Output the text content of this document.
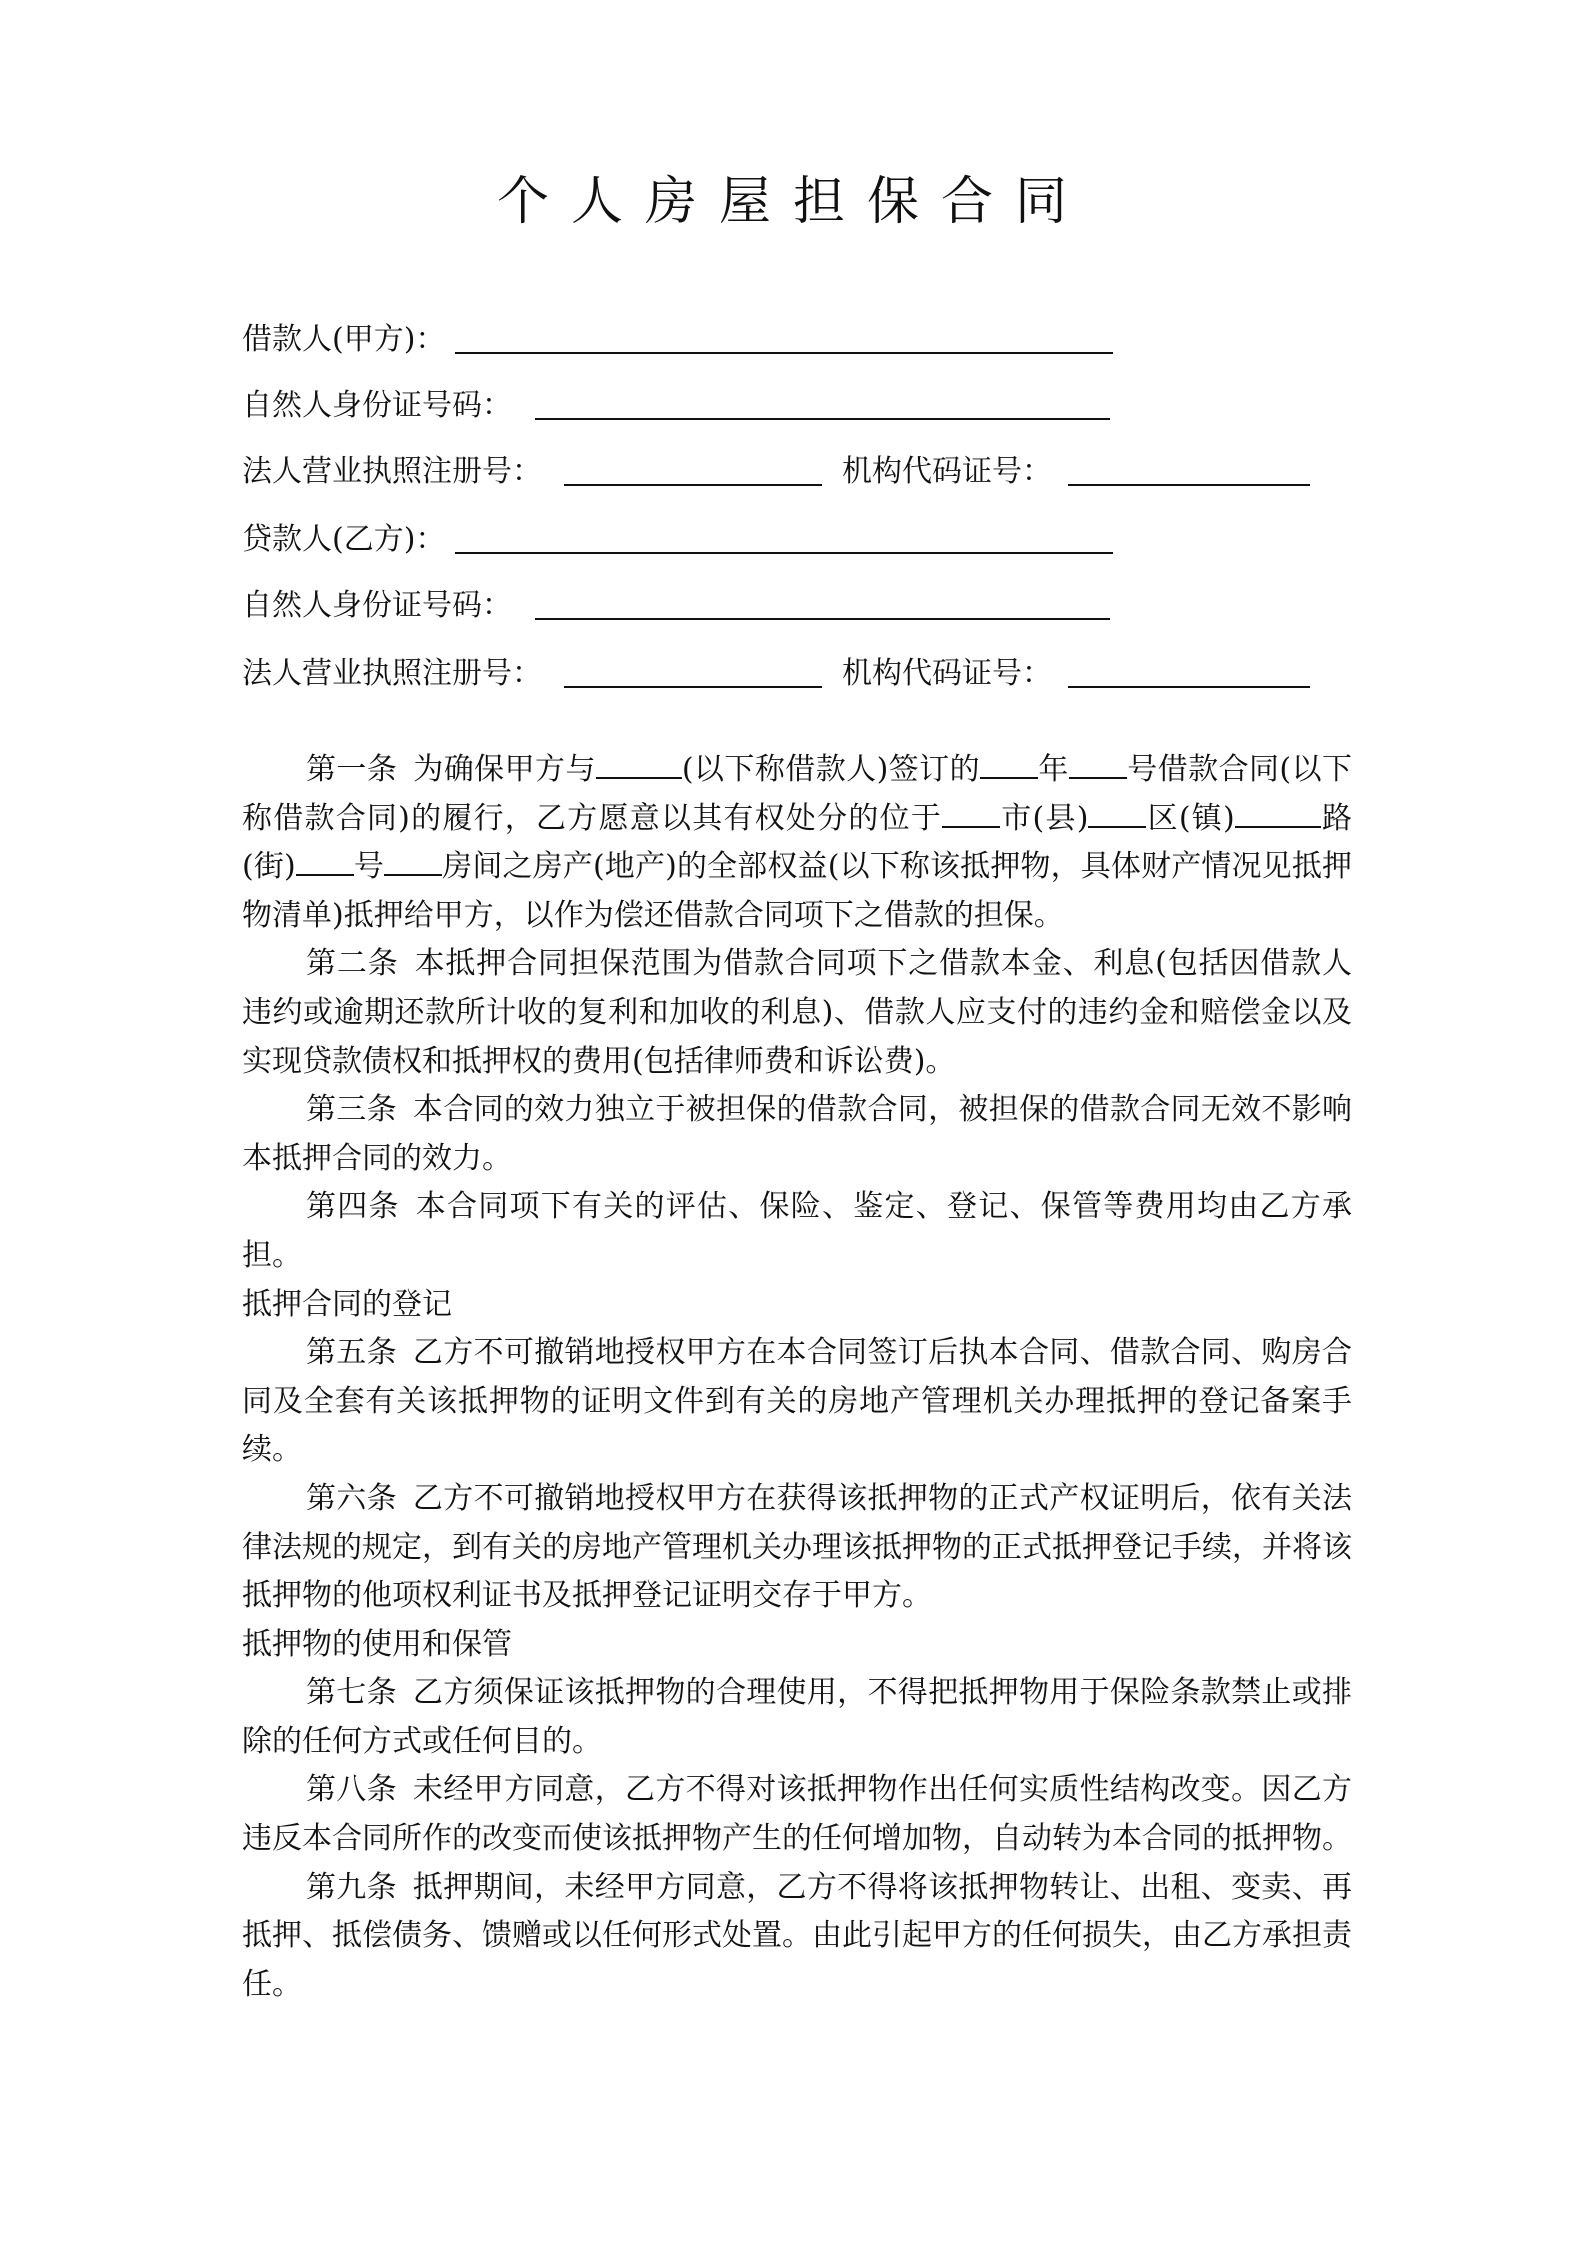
个人房屋担保合同
借款人(甲方)：
自然人身份证号码：
法人营业执照注册号：	机构代码证号：
贷款人(乙方)：
自然人身份证号码：
法人营业执照注册号：	机构代码证号：

第一条 为确保甲方与	(以下称借款人)签订的 年 号借款合同(以下称借款合同)的履行，乙方愿意以其有权处分的位于 市(县) 区(镇)	路(街) 号 房间之房产(地产)的全部权益(以下称该抵押物，具体财产情况见抵押物清单)抵押给甲方，以作为偿还借款合同项下之借款的担保。

第二条 本抵押合同担保范围为借款合同项下之借款本金、利息(包括因借款人违约或逾期还款所计收的复利和加收的利息)、借款人应支付的违约金和赔偿金以及实现贷款债权和抵押权的费用(包括律师费和诉讼费)。

第三条 本合同的效力独立于被担保的借款合同，被担保的借款合同无效不影响本抵押合同的效力。

第四条 本合同项下有关的评估、保险、鉴定、登记、保管等费用均由乙方承担。

抵押合同的登记

第五条 乙方不可撤销地授权甲方在本合同签订后执本合同、借款合同、购房合同及全套有关该抵押物的证明文件到有关的房地产管理机关办理抵押的登记备案手续。

第六条 乙方不可撤销地授权甲方在获得该抵押物的正式产权证明后，依有关法律法规的规定，到有关的房地产管理机关办理该抵押物的正式抵押登记手续，并将该抵押物的他项权利证书及抵押登记证明交存于甲方。

抵押物的使用和保管

第七条 乙方须保证该抵押物的合理使用，不得把抵押物用于保险条款禁止或排除的任何方式或任何目的。

第八条 未经甲方同意，乙方不得对该抵押物作出任何实质性结构改变。因乙方违反本合同所作的改变而使该抵押物产生的任何增加物，自动转为本合同的抵押物。

第九条 抵押期间，未经甲方同意，乙方不得将该抵押物转让、出租、变卖、再抵押、抵偿债务、馈赠或以任何形式处置。由此引起甲方的任何损失，由乙方承担责任。
